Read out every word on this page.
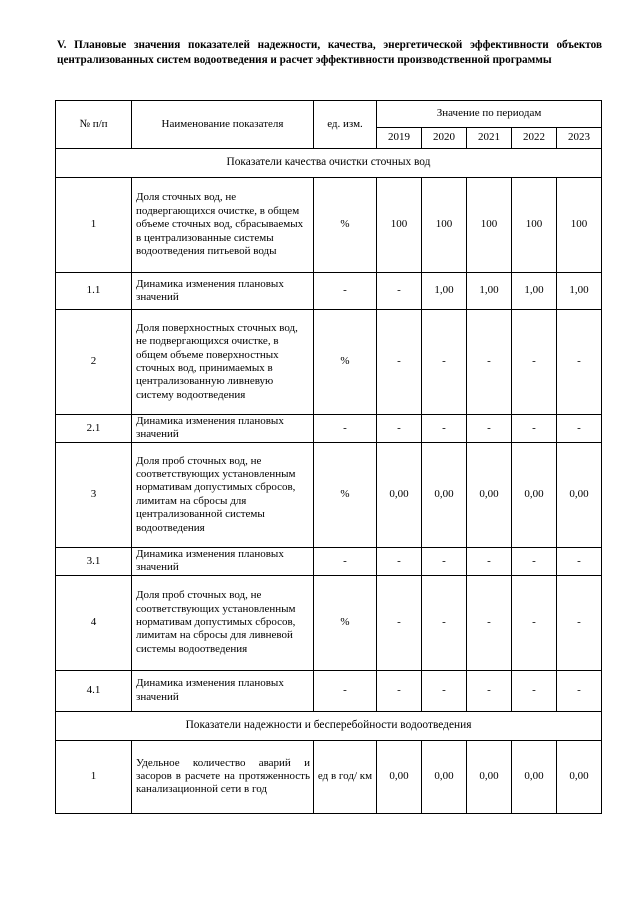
V. Плановые значения показателей надежности, качества, энергетической эффективности объектов централизованных систем водоотведения и расчет эффективности производственной программы
№ п/п	Наименование показателя	ед. изм.	Значение по периодам				
			2019	2020	2021	2022	2023
Показатели качества очистки сточных вод							
1	Доля сточных вод, не подвергающихся очистке, в общем объеме сточных вод, сбрасываемых в централизованные системы водоотведения питьевой воды	%	100	100	100	100	100
1.1	Динамика изменения плановых значений	-	-	1,00	1,00	1,00	1,00
2	Доля поверхностных сточных вод, не подвергающихся очистке, в общем объеме поверхностных сточных вод, принимаемых в централизованную ливневую систему водоотведения	%	-	-	-	-	-
2.1	Динамика изменения плановых значений	-	-	-	-	-	-
3	Доля проб сточных вод, не соответствующих установленным нормативам допустимых сбросов, лимитам на сбросы для централизованной системы водоотведения	%	0,00	0,00	0,00	0,00	0,00
3.1	Динамика изменения плановых значений	-	-	-	-	-	-
4	Доля проб сточных вод, не соответствующих установленным нормативам допустимых сбросов, лимитам на сбросы для ливневой системы водоотведения	%	-	-	-	-	-
4.1	Динамика изменения плановых значений	-	-	-	-	-	-
Показатели надежности и бесперебойности водоотведения							
1	Удельное количество аварий и засоров в расчете на протяженность канализационной сети в год	ед в год/ км	0,00	0,00	0,00	0,00	0,00
